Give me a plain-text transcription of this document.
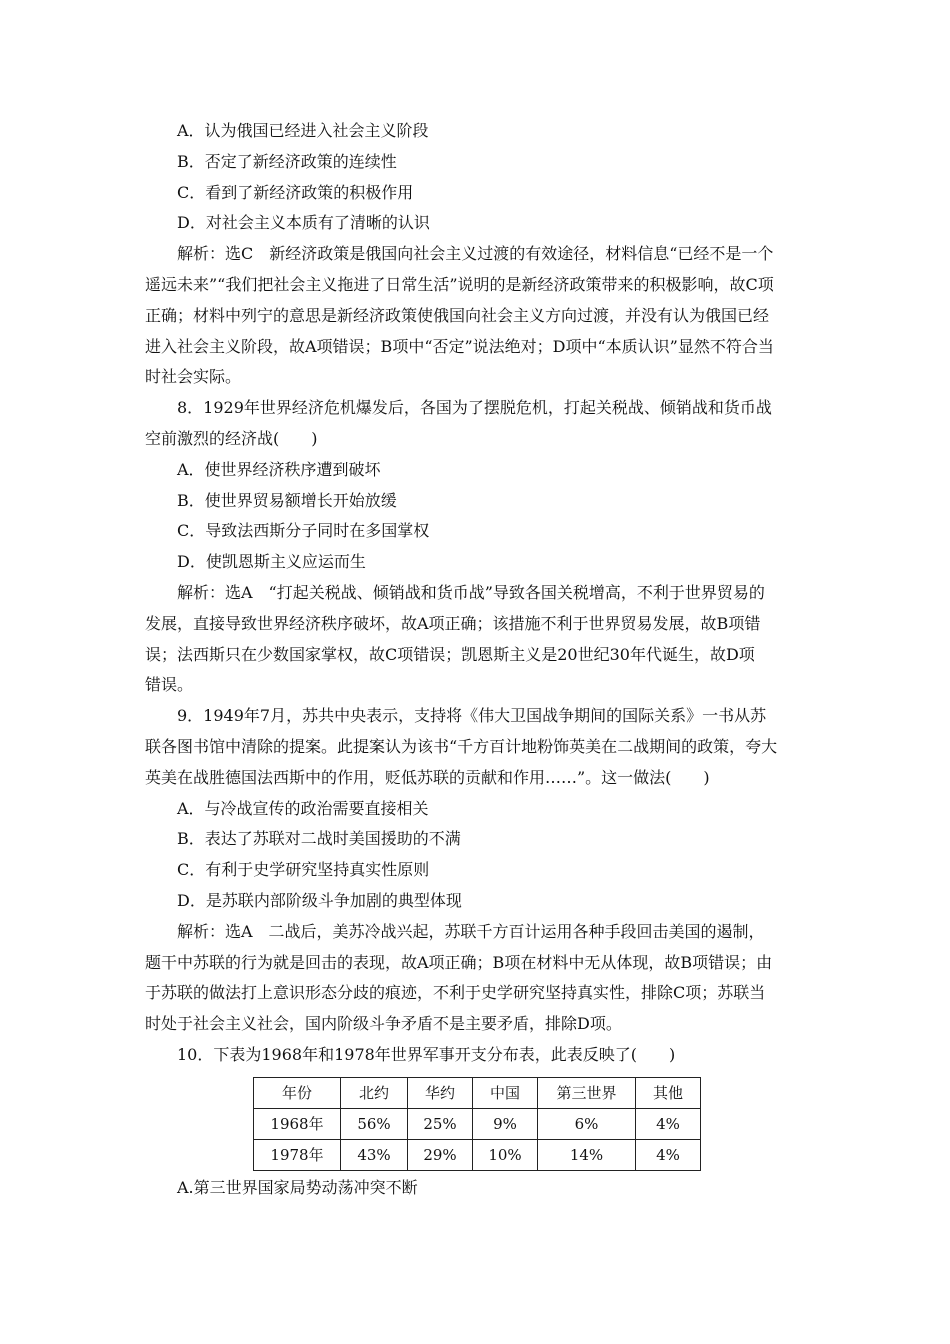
A．认为俄国已经进入社会主义阶段
B．否定了新经济政策的连续性
C．看到了新经济政策的积极作用
D．对社会主义本质有了清晰的认识
解析：选C　新经济政策是俄国向社会主义过渡的有效途径，材料信息“已经不是一个
遥远未来”“我们把社会主义拖进了日常生活”说明的是新经济政策带来的积极影响，故C项
正确；材料中列宁的意思是新经济政策使俄国向社会主义方向过渡，并没有认为俄国已经
进入社会主义阶段，故A项错误；B项中“否定”说法绝对；D项中“本质认识”显然不符合当
时社会实际。
8．1929年世界经济危机爆发后，各国为了摆脱危机，打起关税战、倾销战和货币战
空前激烈的经济战(　　)
A．使世界经济秩序遭到破坏
B．使世界贸易额增长开始放缓
C．导致法西斯分子同时在多国掌权
D．使凯恩斯主义应运而生
解析：选A　“打起关税战、倾销战和货币战”导致各国关税增高，不利于世界贸易的
发展，直接导致世界经济秩序破坏，故A项正确；该措施不利于世界贸易发展，故B项错
误；法西斯只在少数国家掌权，故C项错误；凯恩斯主义是20世纪30年代诞生，故D项
错误。
9．1949年7月，苏共中央表示，支持将《伟大卫国战争期间的国际关系》一书从苏
联各图书馆中清除的提案。此提案认为该书“千方百计地粉饰英美在二战期间的政策，夸大
英美在战胜德国法西斯中的作用，贬低苏联的贡献和作用……”。这一做法(　　)
A．与冷战宣传的政治需要直接相关
B．表达了苏联对二战时美国援助的不满
C．有利于史学研究坚持真实性原则
D．是苏联内部阶级斗争加剧的典型体现
解析：选A　二战后，美苏冷战兴起，苏联千方百计运用各种手段回击美国的遏制，
题干中苏联的行为就是回击的表现，故A项正确；B项在材料中无从体现，故B项错误；由
于苏联的做法打上意识形态分歧的痕迹，不利于史学研究坚持真实性，排除C项；苏联当
时处于社会主义社会，国内阶级斗争矛盾不是主要矛盾，排除D项。
10．下表为1968年和1978年世界军事开支分布表，此表反映了(　　)
年份	北约	华约	中国	第三世界	其他
1968年	56%	25%	9%	6%	4%
1978年	43%	29%	10%	14%	4%
A.第三世界国家局势动荡冲突不断
